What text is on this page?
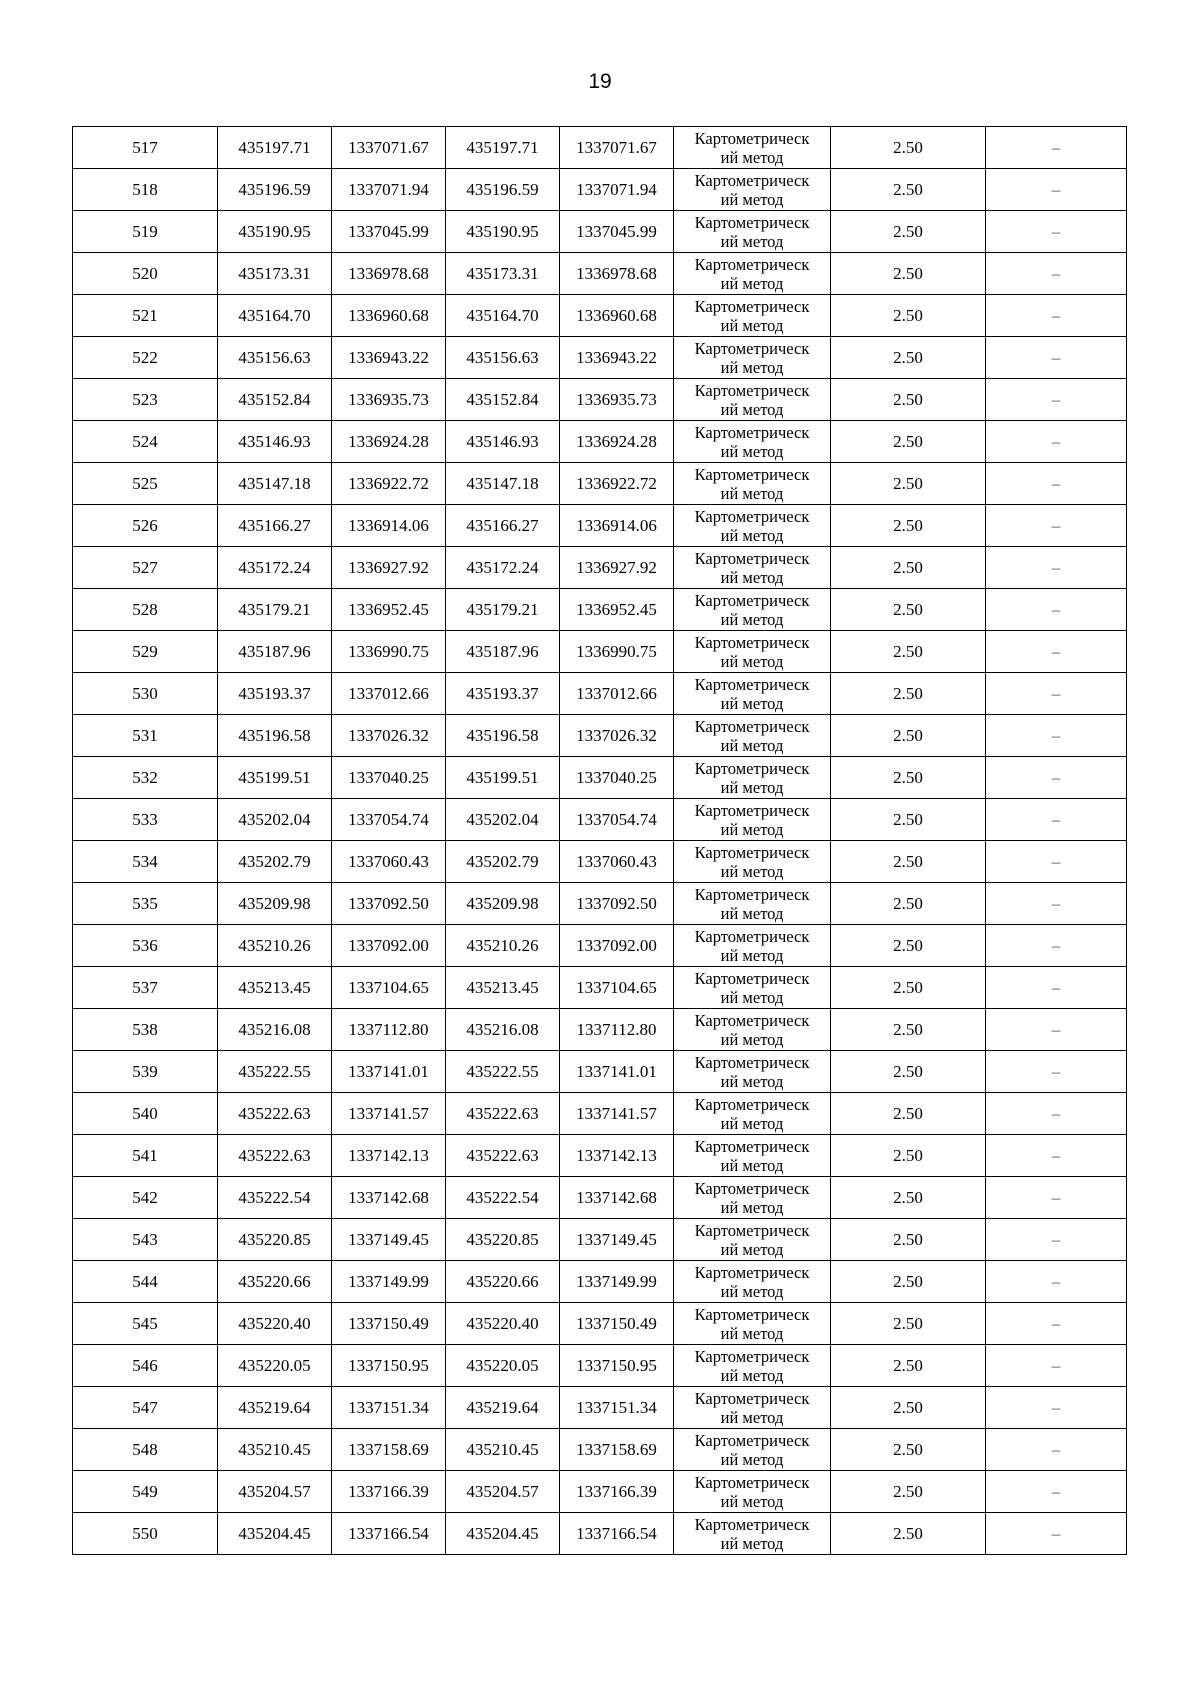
19
517	435197.71	1337071.67	435197.71	1337071.67	Картометрическ
ий метод	2.50	–
518	435196.59	1337071.94	435196.59	1337071.94	Картометрическ
ий метод	2.50	–
519	435190.95	1337045.99	435190.95	1337045.99	Картометрическ
ий метод	2.50	–
520	435173.31	1336978.68	435173.31	1336978.68	Картометрическ
ий метод	2.50	–
521	435164.70	1336960.68	435164.70	1336960.68	Картометрическ
ий метод	2.50	–
522	435156.63	1336943.22	435156.63	1336943.22	Картометрическ
ий метод	2.50	–
523	435152.84	1336935.73	435152.84	1336935.73	Картометрическ
ий метод	2.50	–
524	435146.93	1336924.28	435146.93	1336924.28	Картометрическ
ий метод	2.50	–
525	435147.18	1336922.72	435147.18	1336922.72	Картометрическ
ий метод	2.50	–
526	435166.27	1336914.06	435166.27	1336914.06	Картометрическ
ий метод	2.50	–
527	435172.24	1336927.92	435172.24	1336927.92	Картометрическ
ий метод	2.50	–
528	435179.21	1336952.45	435179.21	1336952.45	Картометрическ
ий метод	2.50	–
529	435187.96	1336990.75	435187.96	1336990.75	Картометрическ
ий метод	2.50	–
530	435193.37	1337012.66	435193.37	1337012.66	Картометрическ
ий метод	2.50	–
531	435196.58	1337026.32	435196.58	1337026.32	Картометрическ
ий метод	2.50	–
532	435199.51	1337040.25	435199.51	1337040.25	Картометрическ
ий метод	2.50	–
533	435202.04	1337054.74	435202.04	1337054.74	Картометрическ
ий метод	2.50	–
534	435202.79	1337060.43	435202.79	1337060.43	Картометрическ
ий метод	2.50	–
535	435209.98	1337092.50	435209.98	1337092.50	Картометрическ
ий метод	2.50	–
536	435210.26	1337092.00	435210.26	1337092.00	Картометрическ
ий метод	2.50	–
537	435213.45	1337104.65	435213.45	1337104.65	Картометрическ
ий метод	2.50	–
538	435216.08	1337112.80	435216.08	1337112.80	Картометрическ
ий метод	2.50	–
539	435222.55	1337141.01	435222.55	1337141.01	Картометрическ
ий метод	2.50	–
540	435222.63	1337141.57	435222.63	1337141.57	Картометрическ
ий метод	2.50	–
541	435222.63	1337142.13	435222.63	1337142.13	Картометрическ
ий метод	2.50	–
542	435222.54	1337142.68	435222.54	1337142.68	Картометрическ
ий метод	2.50	–
543	435220.85	1337149.45	435220.85	1337149.45	Картометрическ
ий метод	2.50	–
544	435220.66	1337149.99	435220.66	1337149.99	Картометрическ
ий метод	2.50	–
545	435220.40	1337150.49	435220.40	1337150.49	Картометрическ
ий метод	2.50	–
546	435220.05	1337150.95	435220.05	1337150.95	Картометрическ
ий метод	2.50	–
547	435219.64	1337151.34	435219.64	1337151.34	Картометрическ
ий метод	2.50	–
548	435210.45	1337158.69	435210.45	1337158.69	Картометрическ
ий метод	2.50	–
549	435204.57	1337166.39	435204.57	1337166.39	Картометрическ
ий метод	2.50	–
550	435204.45	1337166.54	435204.45	1337166.54	Картометрическ
ий метод	2.50	–
